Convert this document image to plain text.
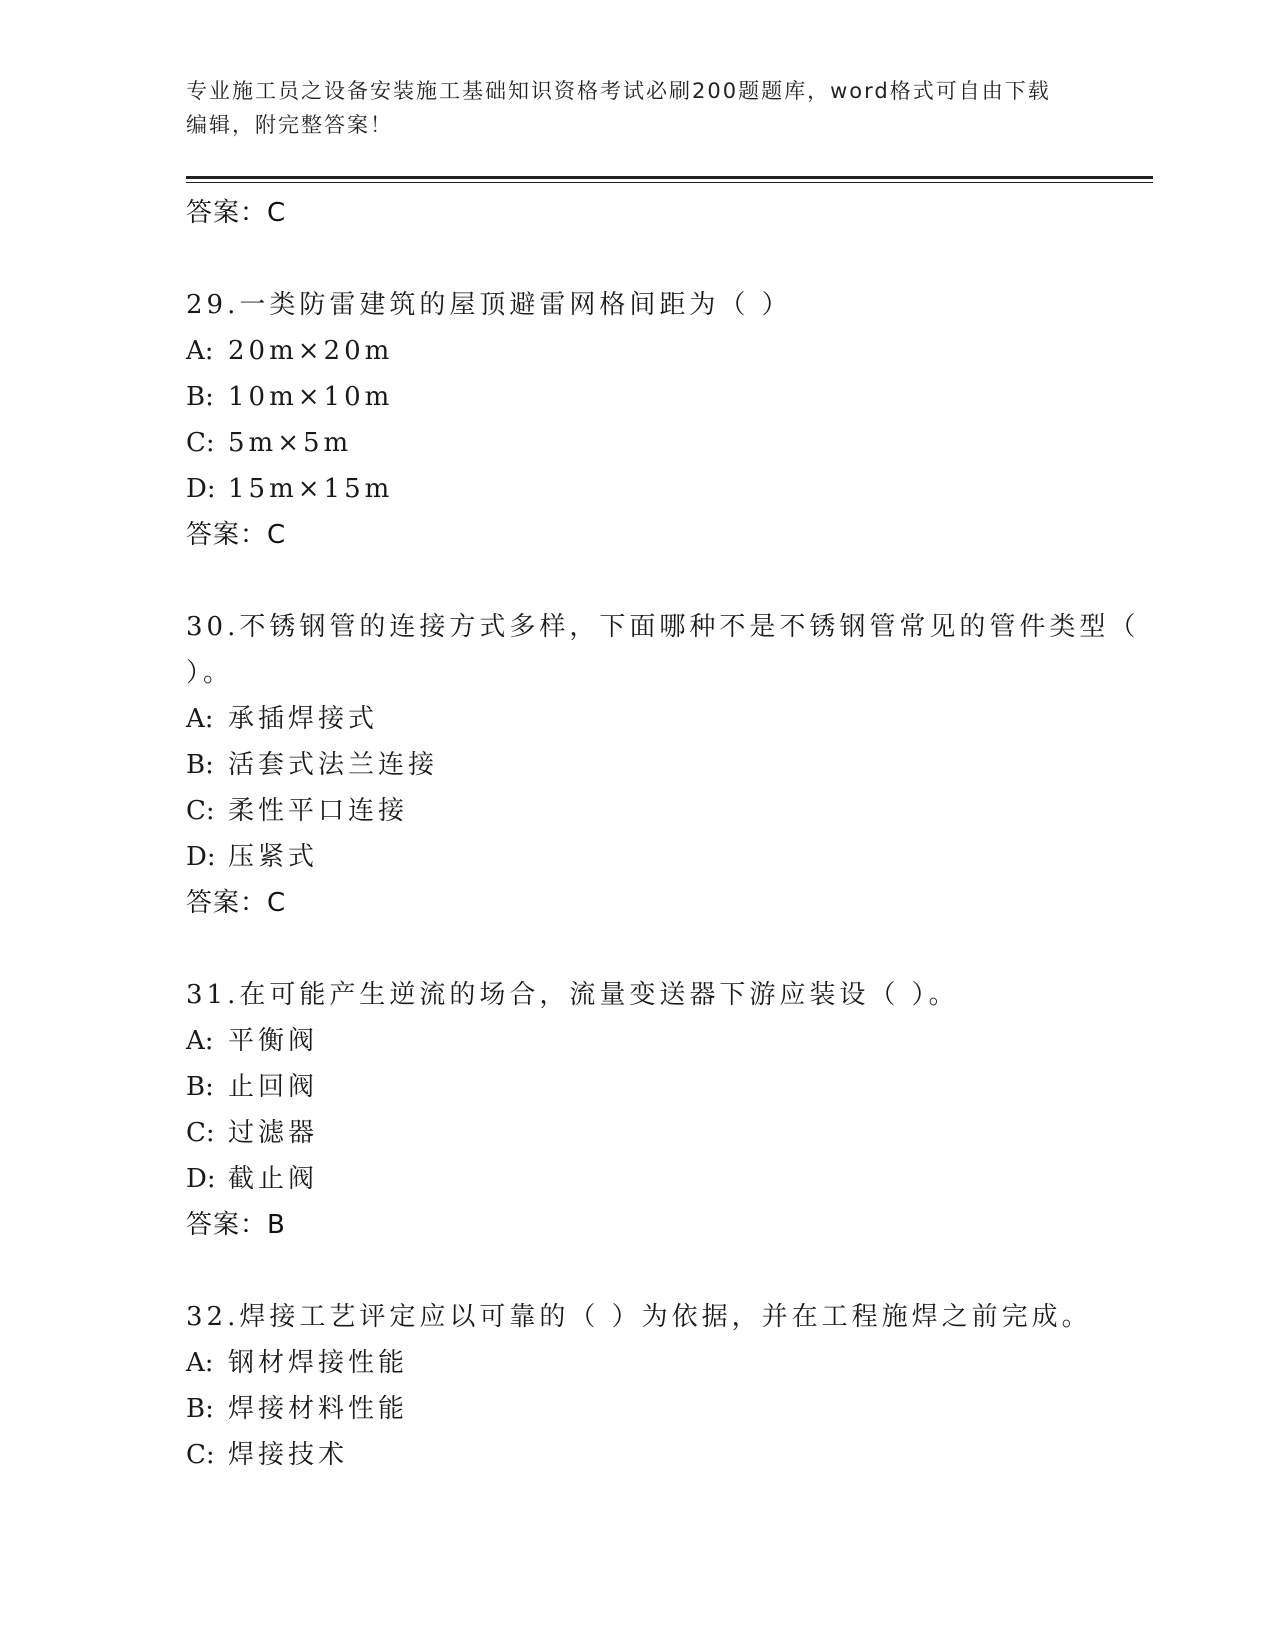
专业施工员之设备安装施工基础知识资格考试必刷200题题库，word格式可自由下载编辑，附完整答案！
答案：C
29.一类防雷建筑的屋顶避雷网格间距为（ ）
A: 20m×20m
B: 10m×10m
C: 5m×5m
D: 15m×15m
答案：C
30.不锈钢管的连接方式多样，下面哪种不是不锈钢管常见的管件类型（ ）。
A: 承插焊接式
B: 活套式法兰连接
C: 柔性平口连接
D: 压紧式
答案：C
31.在可能产生逆流的场合，流量变送器下游应装设（ ）。
A: 平衡阀
B: 止回阀
C: 过滤器
D: 截止阀
答案：B
32.焊接工艺评定应以可靠的（ ）为依据，并在工程施焊之前完成。
A: 钢材焊接性能
B: 焊接材料性能
C: 焊接技术
